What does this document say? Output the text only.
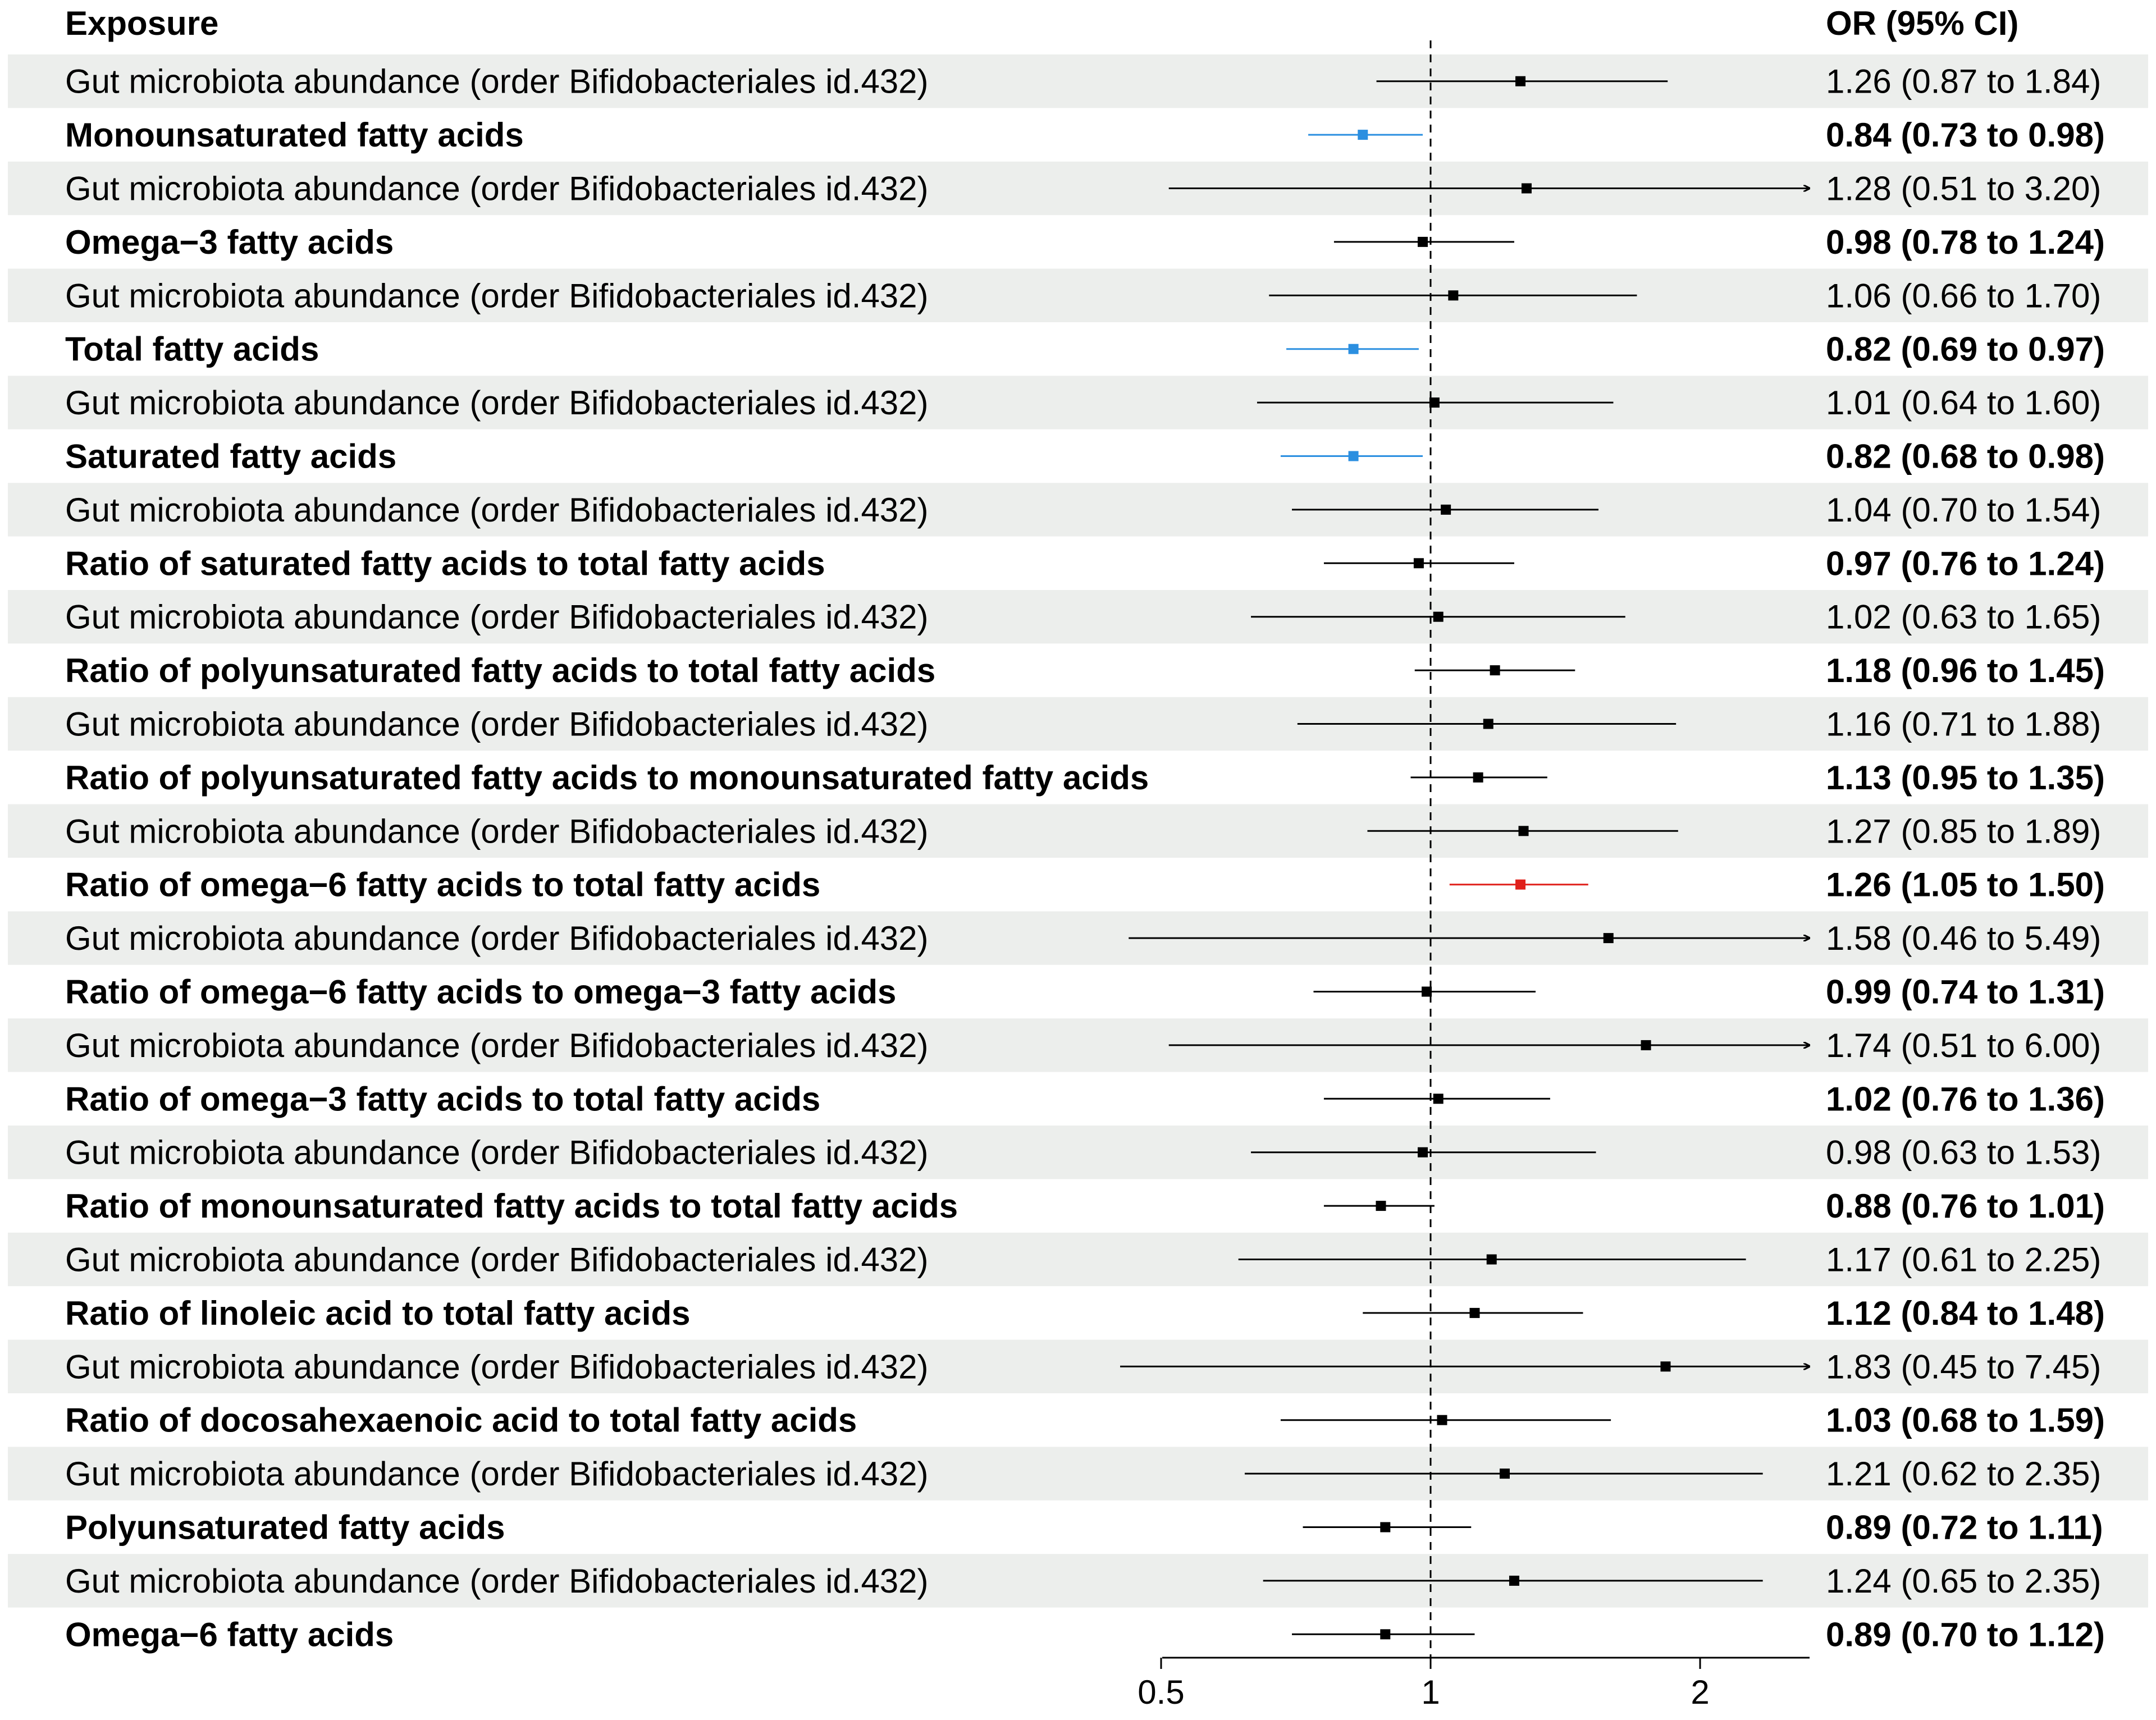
Exposure	OR (95% CI)
Gut microbiota abundance (order Bifidobacteriales id.432)	1.26 (0.87 to 1.84)
Monounsaturated fatty acids	0.84 (0.73 to 0.98)
Gut microbiota abundance (order Bifidobacteriales id.432)	1.28 (0.51 to 3.20)
Omega−3 fatty acids	0.98 (0.78 to 1.24)
Gut microbiota abundance (order Bifidobacteriales id.432)	1.06 (0.66 to 1.70)
Total fatty acids	0.82 (0.69 to 0.97)
Gut microbiota abundance (order Bifidobacteriales id.432)	1.01 (0.64 to 1.60)
Saturated fatty acids	0.82 (0.68 to 0.98)
Gut microbiota abundance (order Bifidobacteriales id.432)	1.04 (0.70 to 1.54)
Ratio of saturated fatty acids to total fatty acids	0.97 (0.76 to 1.24)
Gut microbiota abundance (order Bifidobacteriales id.432)	1.02 (0.63 to 1.65)
Ratio of polyunsaturated fatty acids to total fatty acids	1.18 (0.96 to 1.45)
Gut microbiota abundance (order Bifidobacteriales id.432)	1.16 (0.71 to 1.88)
Ratio of polyunsaturated fatty acids to monounsaturated fatty acids	1.13 (0.95 to 1.35)
Gut microbiota abundance (order Bifidobacteriales id.432)	1.27 (0.85 to 1.89)
Ratio of omega−6 fatty acids to total fatty acids	1.26 (1.05 to 1.50)
Gut microbiota abundance (order Bifidobacteriales id.432)	1.58 (0.46 to 5.49)
Ratio of omega−6 fatty acids to omega−3 fatty acids	0.99 (0.74 to 1.31)
Gut microbiota abundance (order Bifidobacteriales id.432)	1.74 (0.51 to 6.00)
Ratio of omega−3 fatty acids to total fatty acids	1.02 (0.76 to 1.36)
Gut microbiota abundance (order Bifidobacteriales id.432)	0.98 (0.63 to 1.53)
Ratio of monounsaturated fatty acids to total fatty acids	0.88 (0.76 to 1.01)
Gut microbiota abundance (order Bifidobacteriales id.432)	1.17 (0.61 to 2.25)
Ratio of linoleic acid to total fatty acids	1.12 (0.84 to 1.48)
Gut microbiota abundance (order Bifidobacteriales id.432)	1.83 (0.45 to 7.45)
Ratio of docosahexaenoic acid to total fatty acids	1.03 (0.68 to 1.59)
Gut microbiota abundance (order Bifidobacteriales id.432)	1.21 (0.62 to 2.35)
Polyunsaturated fatty acids	0.89 (0.72 to 1.11)
Gut microbiota abundance (order Bifidobacteriales id.432)	1.24 (0.65 to 2.35)
Omega−6 fatty acids	0.89 (0.70 to 1.12)
0.5	1	2
